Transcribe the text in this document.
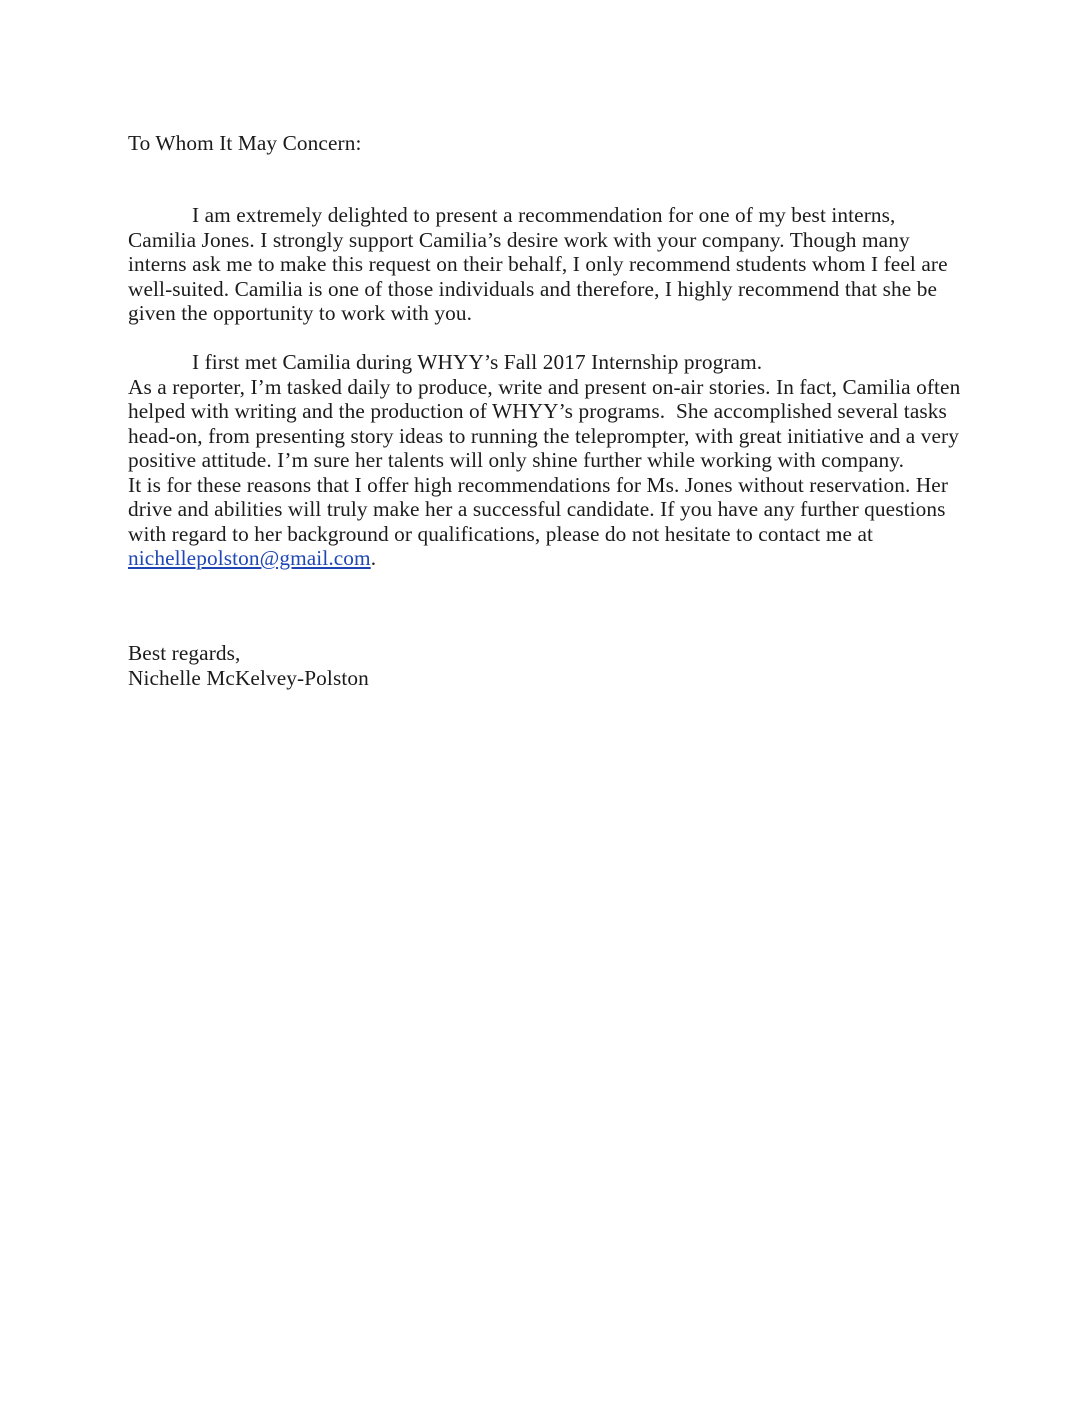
To Whom It May Concern:
I am extremely delighted to present a recommendation for one of my best interns,
Camilia Jones. I strongly support Camilia’s desire work with your company. Though many
interns ask me to make this request on their behalf, I only recommend students whom I feel are
well-suited. Camilia is one of those individuals and therefore, I highly recommend that she be
given the opportunity to work with you.
I first met Camilia during WHYY’s Fall 2017 Internship program.
As a reporter, I’m tasked daily to produce, write and present on-air stories. In fact, Camilia often
helped with writing and the production of WHYY’s programs.  She accomplished several tasks
head-on, from presenting story ideas to running the teleprompter, with great initiative and a very
positive attitude. I’m sure her talents will only shine further while working with company.
It is for these reasons that I offer high recommendations for Ms. Jones without reservation. Her
drive and abilities will truly make her a successful candidate. If you have any further questions
with regard to her background or qualifications, please do not hesitate to contact me at
nichellepolston@gmail.com.
Best regards,
Nichelle McKelvey-Polston
